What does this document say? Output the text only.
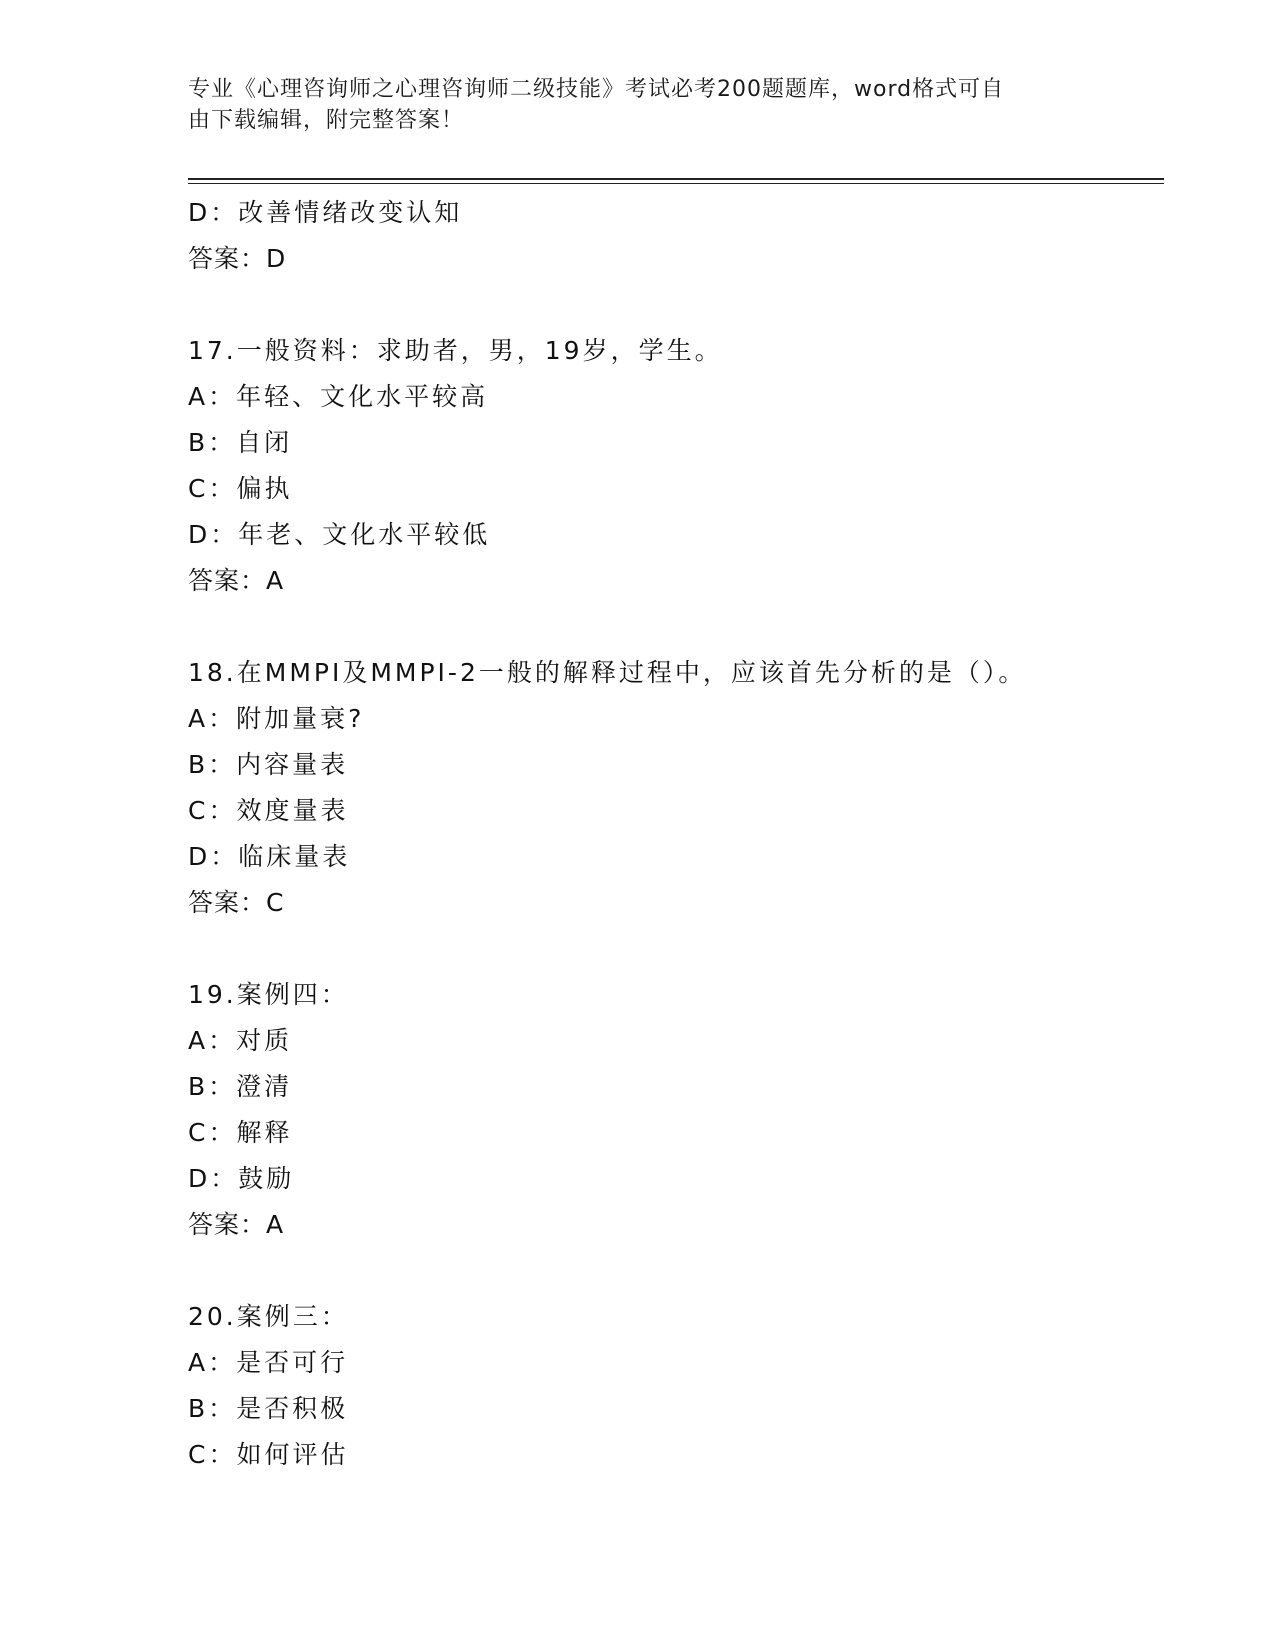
专业《心理咨询师之心理咨询师二级技能》考试必考200题题库，word格式可自
由下载编辑，附完整答案！
D：改善情绪改变认知
答案：D
17.一般资料：求助者，男，19岁，学生。
A：年轻、文化水平较高
B：自闭
C：偏执
D：年老、文化水平较低
答案：A
18.在MMPI及MMPI-2一般的解释过程中，应该首先分析的是（）。
A：附加量衰?
B：内容量表
C：效度量表
D：临床量表
答案：C
19.案例四：
A：对质
B：澄清
C：解释
D：鼓励
答案：A
20.案例三：
A：是否可行
B：是否积极
C：如何评估
